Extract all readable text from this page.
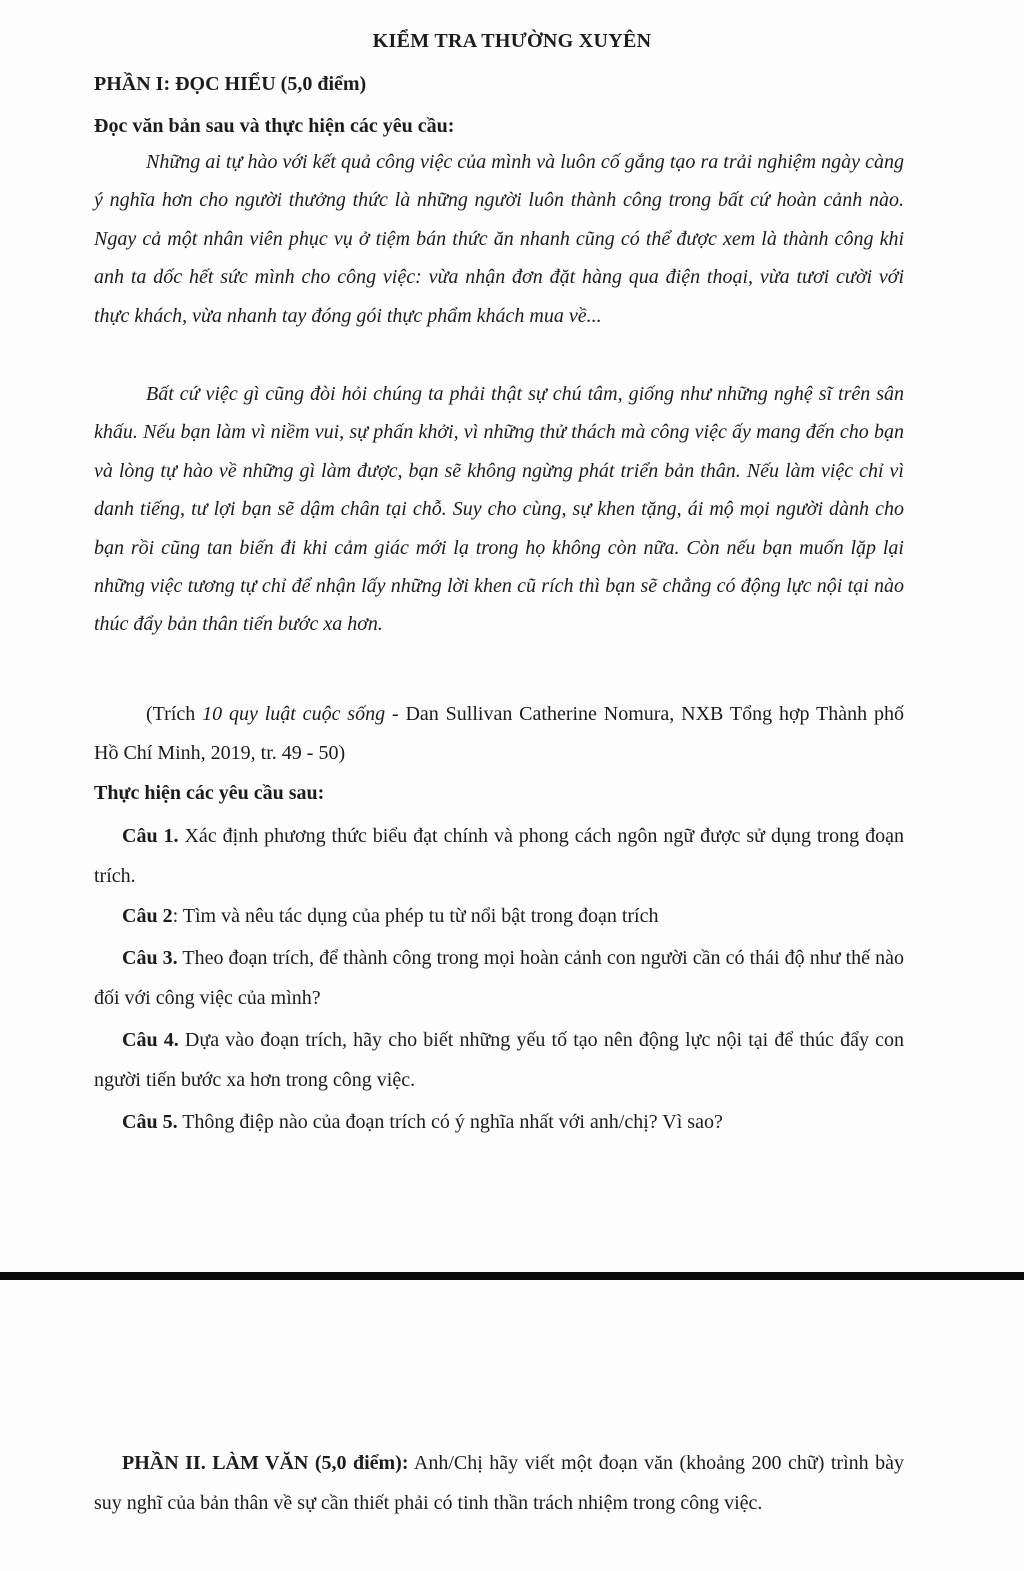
KIỂM TRA THƯỜNG XUYÊN
PHẦN I: ĐỌC HIỂU (5,0 điểm)
Đọc văn bản sau và thực hiện các yêu cầu:

Những ai tự hào với kết quả công việc của mình và luôn cố gắng tạo ra trải nghiệm ngày càng ý nghĩa hơn cho người thưởng thức là những người luôn thành công trong bất cứ hoàn cảnh nào. Ngay cả một nhân viên phục vụ ở tiệm bán thức ăn nhanh cũng có thể được xem là thành công khi anh ta dốc hết sức mình cho công việc: vừa nhận đơn đặt hàng qua điện thoại, vừa tươi cười với thực khách, vừa nhanh tay đóng gói thực phẩm khách mua về...

Bất cứ việc gì cũng đòi hỏi chúng ta phải thật sự chú tâm, giống như những nghệ sĩ trên sân khấu. Nếu bạn làm vì niềm vui, sự phấn khởi, vì những thử thách mà công việc ấy mang đến cho bạn và lòng tự hào về những gì làm được, bạn sẽ không ngừng phát triển bản thân. Nếu làm việc chỉ vì danh tiếng, tư lợi bạn sẽ dậm chân tại chỗ. Suy cho cùng, sự khen tặng, ái mộ mọi người dành cho bạn rồi cũng tan biến đi khi cảm giác mới lạ trong họ không còn nữa. Còn nếu bạn muốn lặp lại những việc tương tự chỉ để nhận lấy những lời khen cũ rích thì bạn sẽ chẳng có động lực nội tại nào thúc đẩy bản thân tiến bước xa hơn.

(Trích 10 quy luật cuộc sống - Dan Sullivan Catherine Nomura, NXB Tổng hợp Thành phố Hồ Chí Minh, 2019, tr. 49 - 50)

Thực hiện các yêu cầu sau:

Câu 1. Xác định phương thức biểu đạt chính và phong cách ngôn ngữ được sử dụng trong đoạn trích.

Câu 2: Tìm và nêu tác dụng của phép tu từ nổi bật trong đoạn trích

Câu 3. Theo đoạn trích, để thành công trong mọi hoàn cảnh con người cần có thái độ như thế nào đối với công việc của mình?

Câu 4. Dựa vào đoạn trích, hãy cho biết những yếu tố tạo nên động lực nội tại để thúc đẩy con người tiến bước xa hơn trong công việc.

Câu 5. Thông điệp nào của đoạn trích có ý nghĩa nhất với anh/chị? Vì sao?

PHẦN II. LÀM VĂN (5,0 điểm): Anh/Chị hãy viết một đoạn văn (khoảng 200 chữ) trình bày suy nghĩ của bản thân về sự cần thiết phải có tinh thần trách nhiệm trong công việc.
